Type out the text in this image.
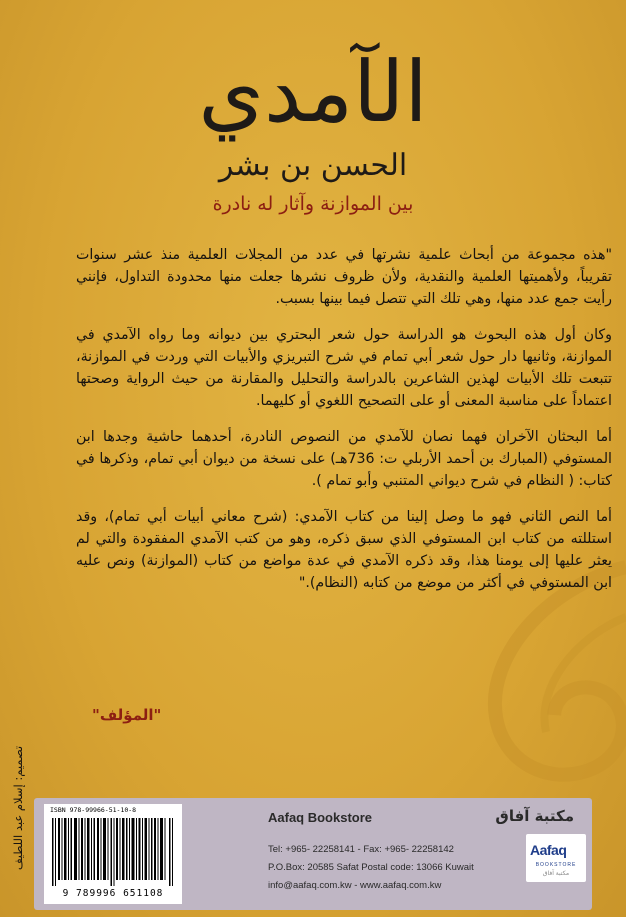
الآمدي
الحسن بن بشر
بين الموازنة وآثار له نادرة

"هذه مجموعة من أبحاث علمية نشرتها في عدد من المجلات العلمية منذ عشر سنوات تقريباً، ولأهميتها العلمية والنقدية، ولأن ظروف نشرها جعلت منها محدودة التداول، فإنني رأيت جمع عدد منها، وهي تلك التي تتصل فيما بينها بسبب.

وكان أول هذه البحوث هو الدراسة حول شعر البحتري بين ديوانه وما رواه الآمدي في الموازنة، وثانيها دار حول شعر أبي تمام في شرح التبريزي والأبيات التي وردت في الموازنة، تتبعت تلك الأبيات لهذين الشاعرين بالدراسة والتحليل والمقارنة من حيث الرواية وصحتها اعتماداً على مناسبة المعنى أو على التصحيح اللغوي أو كليهما.

أما البحثان الآخران فهما نصان للآمدي من النصوص النادرة، أحدهما حاشية وجدها ابن المستوفي (المبارك بن أحمد الأربلي ت: 736هـ) على نسخة من ديوان أبي تمام، وذكرها في كتاب: ( النظام في شرح ديواني المتنبي وأبو تمام ).

أما النص الثاني فهو ما وصل إلينا من كتاب الآمدي: (شرح معاني أبيات أبي تمام)، وقد استللته من كتاب ابن المستوفي الذي سبق ذكره، وهو من كتب الآمدي المفقودة والتي لم يعثر عليها إلى يومنا هذا، وقد ذكره الآمدي في عدة مواضع من كتاب (الموازنة) ونص عليه ابن المستوفي في أكثر من موضع من كتابه (النظام)."

"المؤلف"
تصميم: إسلام عبد اللطيف	ISBN 978-99966-51-10-8
9 789996 651108
Aafaq Bookstore	مكتبة آفاق
Tel: +965- 22258141 - Fax: +965- 22258142
P.O.Box: 20585 Safat Postal code: 13066 Kuwait
info@aafaq.com.kw - www.aafaq.com.kw
Aafaq
BOOKSTORE
مكتبة آفاق
